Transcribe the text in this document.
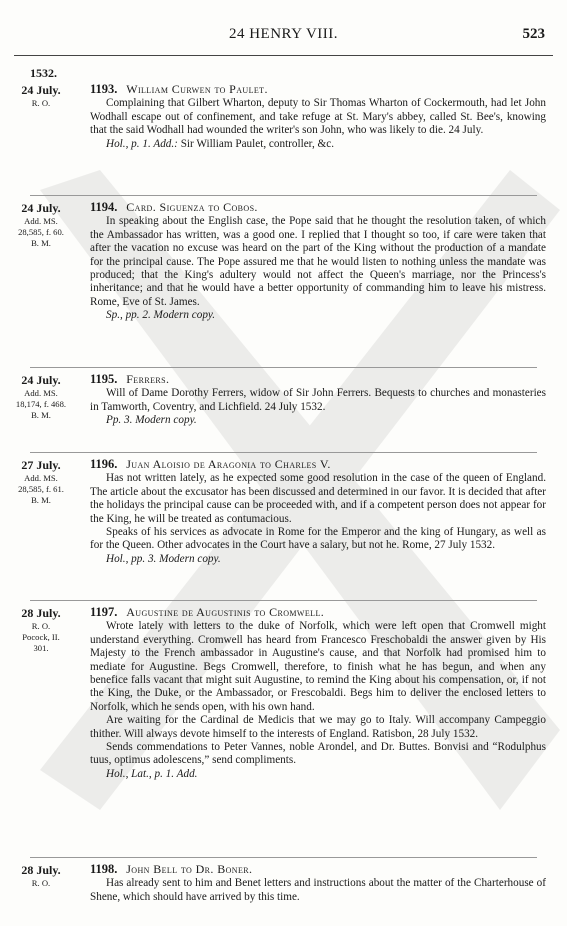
24 HENRY VIII.	523
1532.
24 July.
R. O.
1193. William Curwen to Paulet.

Complaining that Gilbert Wharton, deputy to Sir Thomas Wharton of Cockermouth, had let John Wodhall escape out of confinement, and take refuge at St. Mary's abbey, called St. Bee's, knowing that the said Wodhall had wounded the writer's son John, who was likely to die. 24 July.

Hol., p. 1. Add.: Sir William Paulet, controller, &c.

24 July.
Add. MS.
28,585, f. 60.
B. M.
1194. Card. Siguenza to Cobos.

In speaking about the English case, the Pope said that he thought the resolution taken, of which the Ambassador has written, was a good one. I replied that I thought so too, if care were taken that after the vacation no excuse was heard on the part of the King without the production of a mandate for the principal cause. The Pope assured me that he would listen to nothing unless the mandate was produced; that the King's adultery would not affect the Queen's marriage, nor the Princess's inheritance; and that he would have a better opportunity of commanding him to leave his mistress. Rome, Eve of St. James.

Sp., pp. 2. Modern copy.

24 July.
Add. MS.
18,174, f. 468.
B. M.
1195. Ferrers.

Will of Dame Dorothy Ferrers, widow of Sir John Ferrers. Bequests to churches and monasteries in Tamworth, Coventry, and Lichfield. 24 July 1532.

Pp. 3. Modern copy.

27 July.
Add. MS.
28,585, f. 61.
B. M.
1196. Juan Aloisio de Aragonia to Charles V.

Has not written lately, as he expected some good resolution in the case of the queen of England. The article about the excusator has been discussed and determined in our favor. It is decided that after the holidays the principal cause can be proceeded with, and if a competent person does not appear for the King, he will be treated as contumacious.

Speaks of his services as advocate in Rome for the Emperor and the king of Hungary, as well as for the Queen. Other advocates in the Court have a salary, but not he. Rome, 27 July 1532.

Hol., pp. 3. Modern copy.

28 July.
R. O.
Pocock, II.
301.
1197. Augustine de Augustinis to Cromwell.

Wrote lately with letters to the duke of Norfolk, which were left open that Cromwell might understand everything. Cromwell has heard from Francesco Freschobaldi the answer given by His Majesty to the French ambassador in Augustine's cause, and that Norfolk had promised him to mediate for Augustine. Begs Cromwell, therefore, to finish what he has begun, and when any benefice falls vacant that might suit Augustine, to remind the King about his compensation, or, if not the King, the Duke, or the Ambassador, or Frescobaldi. Begs him to deliver the enclosed letters to Norfolk, which he sends open, with his own hand.

Are waiting for the Cardinal de Medicis that we may go to Italy. Will accompany Campeggio thither. Will always devote himself to the interests of England. Ratisbon, 28 July 1532.

Sends commendations to Peter Vannes, noble Arondel, and Dr. Buttes. Bonvisi and “Rodulphus tuus, optimus adolescens,” send compliments.

Hol., Lat., p. 1. Add.

28 July.
R. O.
1198. John Bell to Dr. Boner.

Has already sent to him and Benet letters and instructions about the matter of the Charterhouse of Shene, which should have arrived by this time.
